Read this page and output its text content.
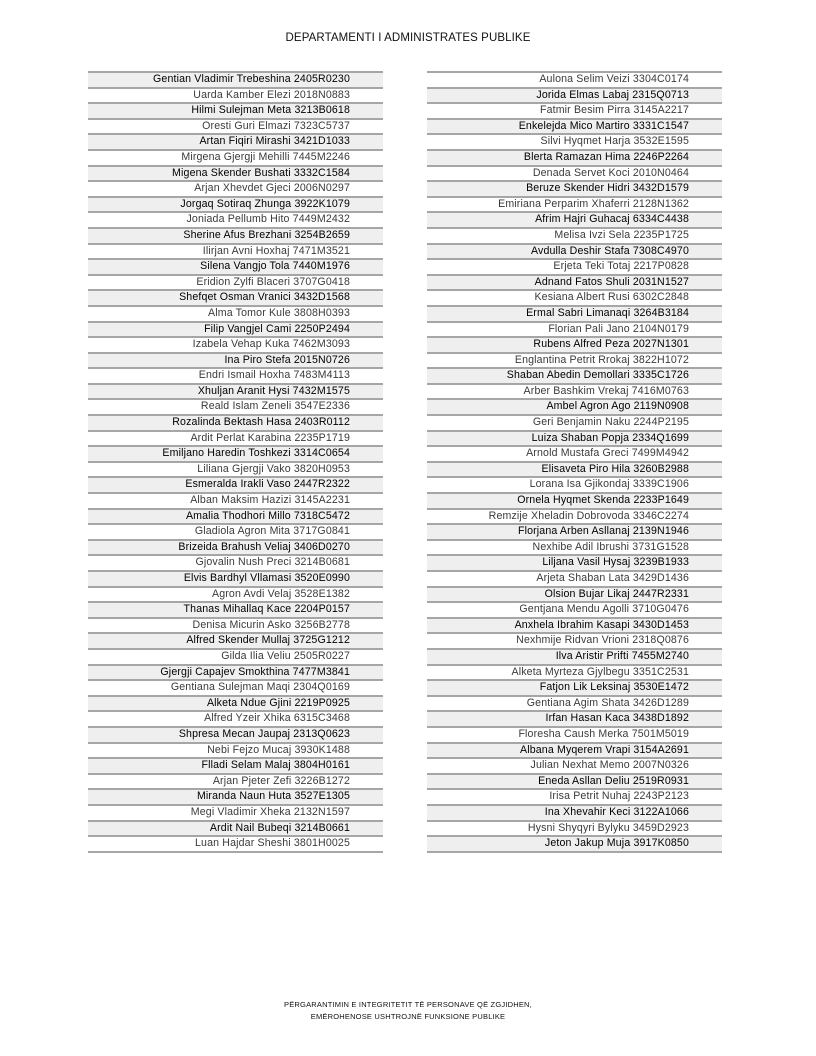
DEPARTAMENTI I ADMINISTRATES PUBLIKE
Gentian Vladimir Trebeshina 2405R0230
Uarda Kamber Elezi 2018N0883
Hilmi Sulejman Meta 3213B0618
Oresti Guri Elmazi 7323C5737
Artan Fiqiri Mirashi 3421D1033
Mirgena Gjergji Mehilli 7445M2246
Migena Skender Bushati 3332C1584
Arjan Xhevdet Gjeci 2006N0297
Jorgaq Sotiraq Zhunga 3922K1079
Joniada Pellumb Hito 7449M2432
Sherine Afus Brezhani 3254B2659
Ilirjan Avni Hoxhaj 7471M3521
Silena Vangjo Tola 7440M1976
Eridion Zylfi Blaceri 3707G0418
Shefqet Osman Vranici 3432D1568
Alma Tomor Kule 3808H0393
Filip Vangjel Cami 2250P2494
Izabela Vehap Kuka 7462M3093
Ina Piro Stefa 2015N0726
Endri Ismail Hoxha 7483M4113
Xhuljan Aranit Hysi 7432M1575
Reald Islam Zeneli 3547E2336
Rozalinda Bektash Hasa 2403R0112
Ardit Perlat Karabina 2235P1719
Emiljano Haredin Toshkezi 3314C0654
Liliana Gjergji Vako 3820H0953
Esmeralda Irakli Vaso 2447R2322
Alban Maksim Hazizi 3145A2231
Amalia Thodhori Millo 7318C5472
Gladiola Agron Mita 3717G0841
Brizeida Brahush Veliaj 3406D0270
Gjovalin Nush Preci 3214B0681
Elvis Bardhyl Vllamasi 3520E0990
Agron Avdi Velaj 3528E1382
Thanas Mihallaq Kace 2204P0157
Denisa Micurin Asko 3256B2778
Alfred Skender Mullaj 3725G1212
Gilda Ilia Veliu 2505R0227
Gjergji Capajev Smokthina 7477M3841
Gentiana Sulejman Maqi 2304Q0169
Alketa Ndue Gjini 2219P0925
Alfred Yzeir Xhika 6315C3468
Shpresa Mecan Jaupaj 2313Q0623
Nebi Fejzo Mucaj 3930K1488
Flladi Selam Malaj 3804H0161
Arjan Pjeter Zefi 3226B1272
Miranda Naun Huta 3527E1305
Megi Vladimir Xheka 2132N1597
Ardit Nail Bubeqi 3214B0661
Luan Hajdar Sheshi 3801H0025
Aulona Selim Veizi 3304C0174
Jorida Elmas Labaj 2315Q0713
Fatmir Besim Pirra 3145A2217
Enkelejda Mico Martiro 3331C1547
Silvi Hyqmet Harja 3532E1595
Blerta Ramazan Hima 2246P2264
Denada Servet Koci 2010N0464
Beruze Skender Hidri 3432D1579
Emiriana Perparim Xhaferri 2128N1362
Afrim Hajri Guhacaj 6334C4438
Melisa Ivzi Sela 2235P1725
Avdulla Deshir Stafa 7308C4970
Erjeta Teki Totaj 2217P0828
Adnand Fatos Shuli 2031N1527
Kesiana Albert Rusi 6302C2848
Ermal Sabri Limanaqi 3264B3184
Florian Pali Jano 2104N0179
Rubens Alfred Peza 2027N1301
Englantina Petrit Rrokaj 3822H1072
Shaban Abedin Demollari 3335C1726
Arber Bashkim Vrekaj 7416M0763
Ambel Agron Ago 2119N0908
Geri Benjamin Naku 2244P2195
Luiza Shaban Popja 2334Q1699
Arnold Mustafa Greci 7499M4942
Elisaveta Piro Hila 3260B2988
Lorana Isa Gjikondaj 3339C1906
Ornela Hyqmet Skenda 2233P1649
Remzije Xheladin Dobrovoda 3346C2274
Florjana Arben Asllanaj 2139N1946
Nexhibe Adil Ibrushi 3731G1528
Liljana Vasil Hysaj 3239B1933
Arjeta Shaban Lata 3429D1436
Olsion Bujar Likaj 2447R2331
Gentjana Mendu Agolli 3710G0476
Anxhela Ibrahim Kasapi 3430D1453
Nexhmije Ridvan Vrioni 2318Q0876
Ilva Aristir Prifti 7455M2740
Alketa Myrteza Gjylbegu 3351C2531
Fatjon Lik Leksinaj 3530E1472
Gentiana Agim Shata 3426D1289
Irfan Hasan Kaca 3438D1892
Floresha Caush Merka 7501M5019
Albana Myqerem Vrapi 3154A2691
Julian Nexhat Memo 2007N0326
Eneda Asllan Deliu 2519R0931
Irisa Petrit Nuhaj 2243P2123
Ina Xhevahir Keci 3122A1066
Hysni Shyqyri Bylyku 3459D2923
Jeton Jakup Muja 3917K0850
PËRGARANTIMIN E INTEGRITETIT TË PERSONAVE QË ZGJIDHEN,
EMËROHENOSE USHTROJNË FUNKSIONE PUBLIKE
